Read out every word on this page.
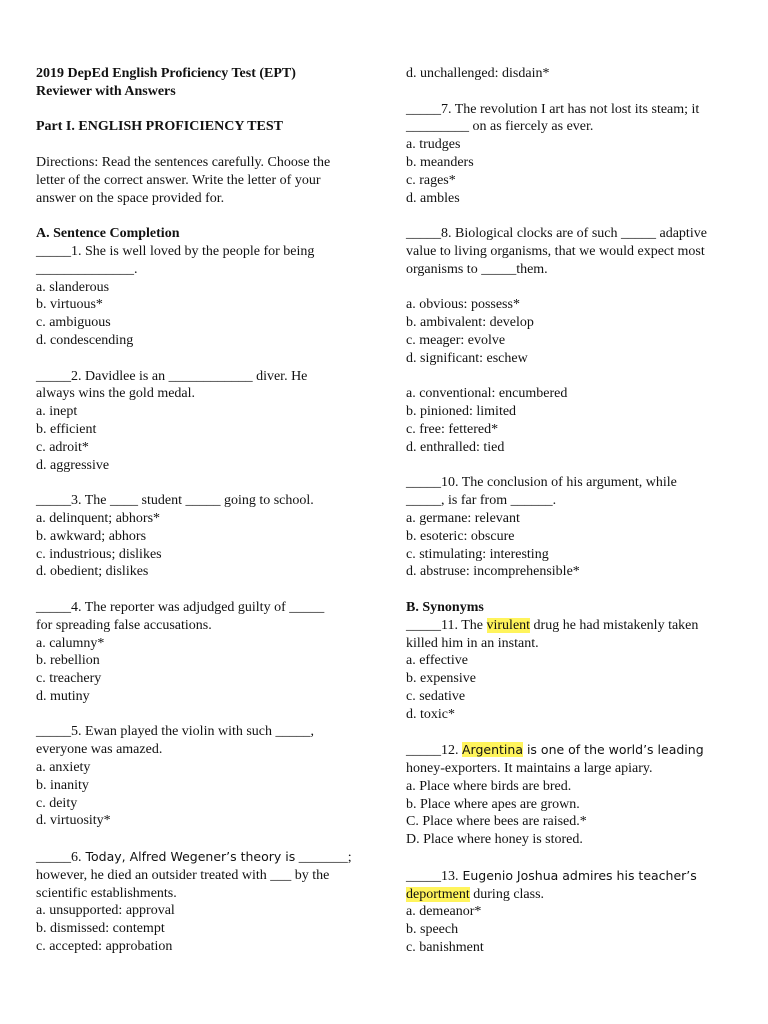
2019 DepEd English Proficiency Test (EPT)
Reviewer with Answers
Part I. ENGLISH PROFICIENCY TEST
Directions: Read the sentences carefully. Choose the
letter of the correct answer. Write the letter of your
answer on the space provided for.
A. Sentence Completion
_____1. She is well loved by the people for being
______________.
a. slanderous
b. virtuous*
c. ambiguous
d. condescending
_____2. Davidlee is an ____________ diver. He
always wins the gold medal.
a. inept
b. efficient
c. adroit*
d. aggressive
_____3. The ____ student _____ going to school.
a. delinquent; abhors*
b. awkward; abhors
c. industrious; dislikes
d. obedient; dislikes
_____4. The reporter was adjudged guilty of _____
for spreading false accusations.
a. calumny*
b. rebellion
c. treachery
d. mutiny
_____5. Ewan played the violin with such _____,
everyone was amazed.
a. anxiety
b. inanity
c. deity
d. virtuosity*
_____6. Today, Alfred Wegener’s theory is _______;
however, he died an outsider treated with ___ by the
scientific establishments.
a. unsupported: approval
b. dismissed: contempt
c. accepted: approbation
d. unchallenged: disdain*
_____7. The revolution I art has not lost its steam; it
_________ on as fiercely as ever.
a. trudges
b. meanders
c. rages*
d. ambles
_____8. Biological clocks are of such _____ adaptive
value to living organisms, that we would expect most
organisms to _____them.
a. obvious: possess*
b. ambivalent: develop
c. meager: evolve
d. significant: eschew
a. conventional: encumbered
b. pinioned: limited
c. free: fettered*
d. enthralled: tied
_____10. The conclusion of his argument, while
_____, is far from ______.
a. germane: relevant
b. esoteric: obscure
c. stimulating: interesting
d. abstruse: incomprehensible*
B. Synonyms
_____11. The virulent drug he had mistakenly taken
killed him in an instant.
a. effective
b. expensive
c. sedative
d. toxic*
_____12. Argentina is one of the world’s leading
honey-exporters. It maintains a large apiary.
a. Place where birds are bred.
b. Place where apes are grown.
C. Place where bees are raised.*
D. Place where honey is stored.
_____13. Eugenio Joshua admires his teacher’s
deportment during class.
a. demeanor*
b. speech
c. banishment
